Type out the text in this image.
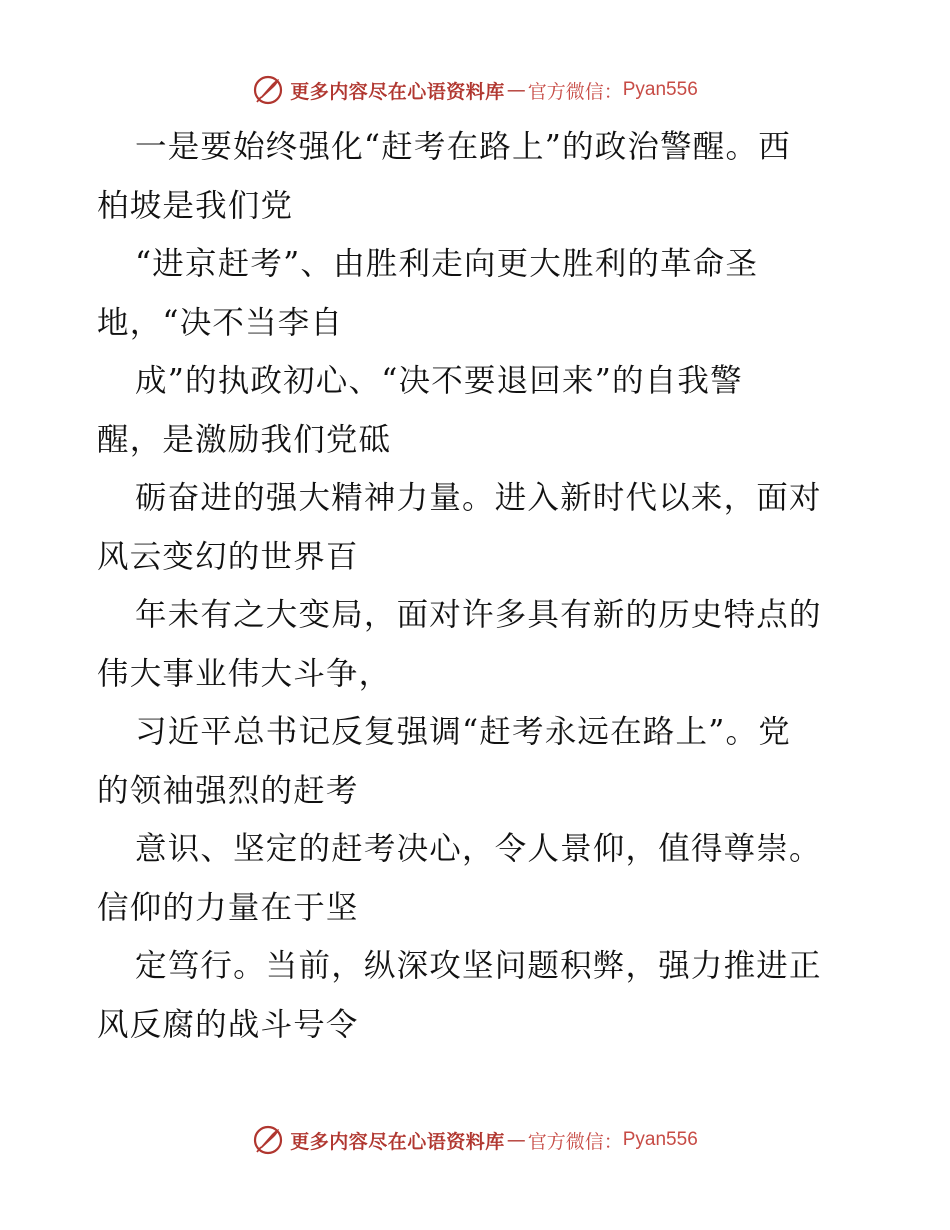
更多内容尽在心语资料库 — 官方微信： Pyan556
一是要始终强化“赶考在路上”的政治警醒。西
柏坡是我们党
“进京赶考”、由胜利走向更大胜利的革命圣
地，“决不当李自
成”的执政初心、“决不要退回来”的自我警
醒，是激励我们党砥
砺奋进的强大精神力量。进入新时代以来，面对
风云变幻的世界百
年未有之大变局，面对许多具有新的历史特点的
伟大事业伟大斗争，
习近平总书记反复强调“赶考永远在路上”。党
的领袖强烈的赶考
意识、坚定的赶考决心，令人景仰，值得尊崇。
信仰的力量在于坚
定笃行。当前，纵深攻坚问题积弊，强力推进正
风反腐的战斗号令
更多内容尽在心语资料库 — 官方微信： Pyan556
